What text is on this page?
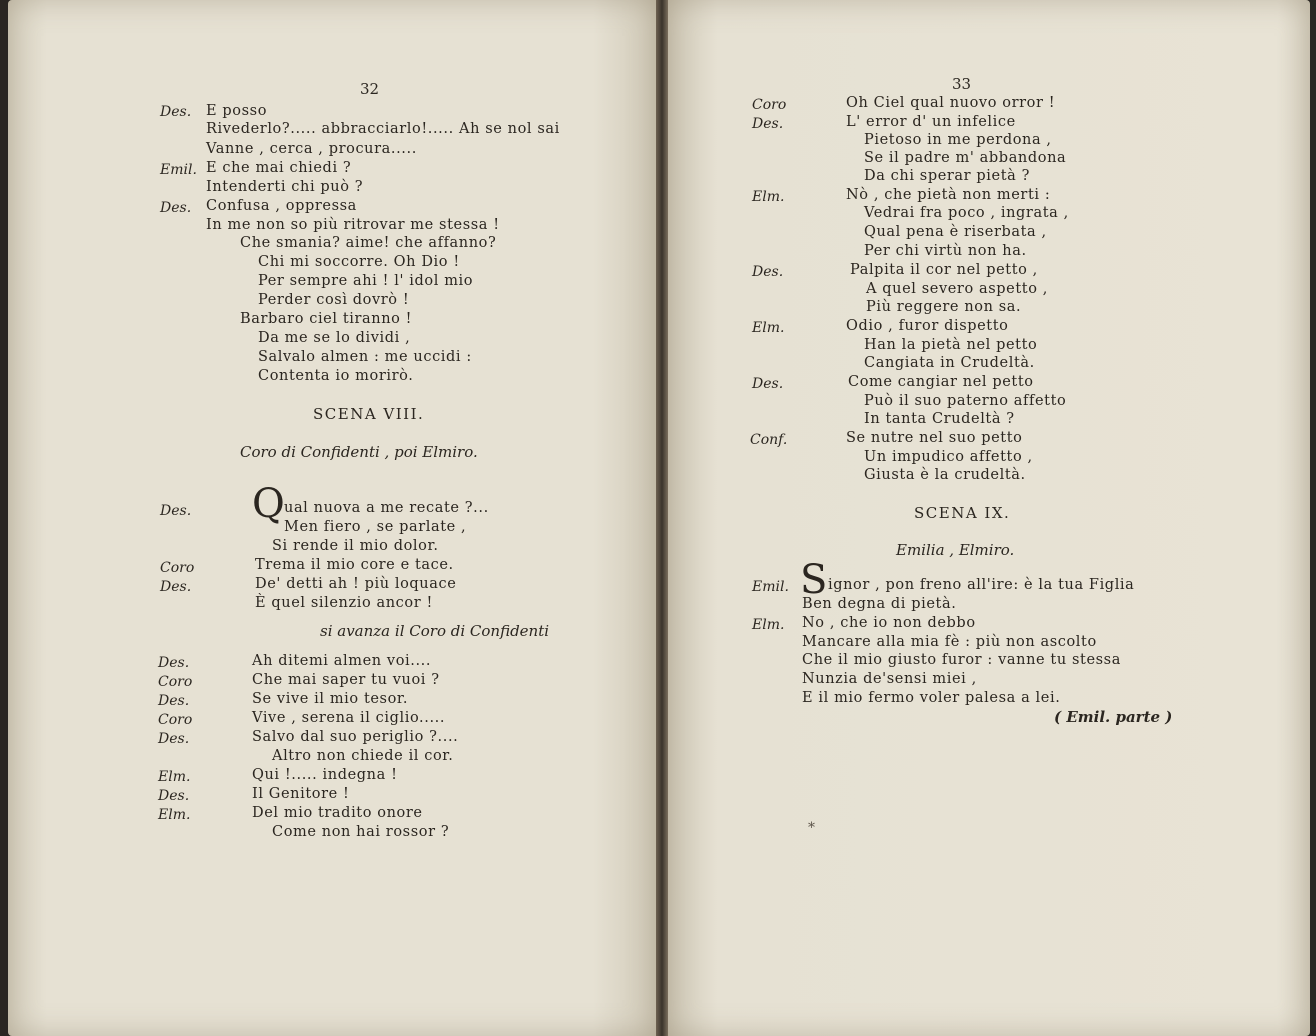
32
Des. E posso
Rivederlo?..... abbracciarlo!..... Ah se nol sai
Vanne , cerca , procura.....
Emil. E che mai chiedi ?
Intenderti chi può ?
Des. Confusa , oppressa
In me non so più ritrovar me stessa !
Che smania? aime! che affanno?
Chi mi soccorre. Oh Dio !
Per sempre ahi ! l' idol mio
Perder così dovrò !
Barbaro ciel tiranno !
Da me se lo dividi ,
Salvalo almen : me uccidi :
Contenta io morirò.
SCENA VIII.
Coro di Confidenti , poi Elmiro.
Des. Q ual nuova a me recate ?...
Men fiero , se parlate ,
Si rende il mio dolor.
Coro	Trema il mio core e tace.
Des.	De' detti ah ! più loquace
È quel silenzio ancor !
si avanza il Coro di Confidenti
Des.	Ah ditemi almen voi....
Coro	Che mai saper tu vuoi ?
Des.	Se vive il mio tesor.
Coro	Vive , serena il ciglio.....
Des.	Salvo dal suo periglio ?....
Altro non chiede il cor.
Elm.	Qui !..... indegna !
Des.	Il Genitore !
Elm.	Del mio tradito onore
Come non hai rossor ?
33
Coro	Oh Ciel qual nuovo orror !
Des.	L' error d' un infelice
Pietoso in me perdona ,
Se il padre m' abbandona
Da chi sperar pietà ?
Elm.	Nò , che pietà non merti :
Vedrai fra poco , ingrata ,
Qual pena è riserbata ,
Per chi virtù non ha.
Des.	Palpita il cor nel petto ,
A quel severo aspetto ,
Più reggere non sa.
Elm.	Odio , furor dispetto
Han la pietà nel petto
Cangiata in Crudeltà.
Des.	Come cangiar nel petto
Può il suo paterno affetto
In tanta Crudeltà ?
Conf.	Se nutre nel suo petto
Un impudico affetto ,
Giusta è la crudeltà.
SCENA IX.
Emilia , Elmiro.
Emil. S ignor , pon freno all'ire: è la tua Figlia
Ben degna di pietà.
Elm. No , che io non debbo
Mancare alla mia fè : più non ascolto
Che il mio giusto furor : vanne tu stessa
Nunzia de'sensi miei ,
E il mio fermo voler palesa a lei.
( Emil. parte )
*
